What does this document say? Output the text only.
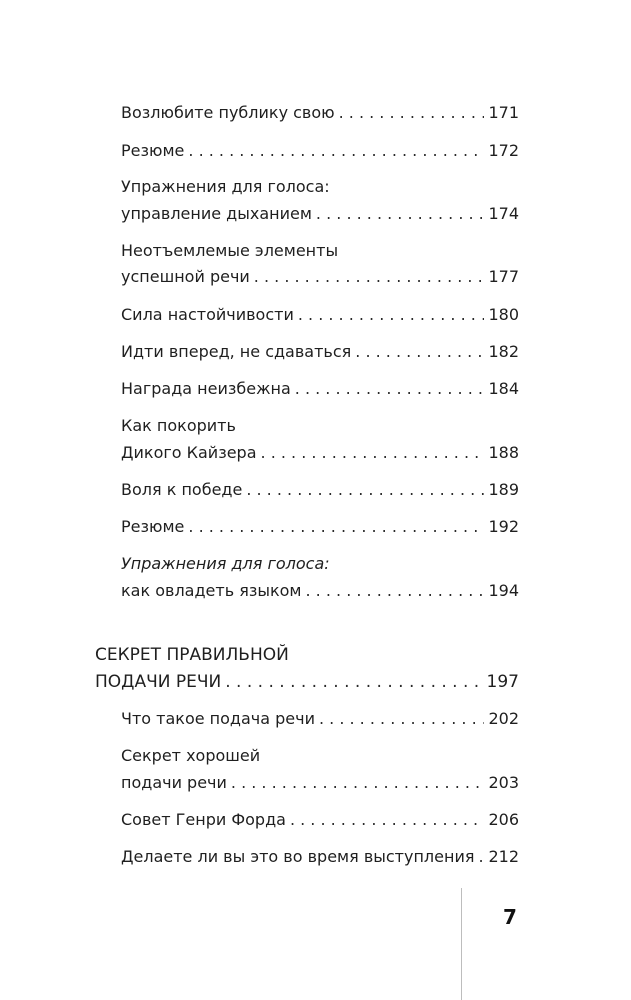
Возлюбите публику свою . . .	171
Резюме . . .	172
Упражнения для голоса:
управление дыханием . . .	174
Неотъемлемые элементы
успешной речи . . .	177
Сила настойчивости . . .	180
Идти вперед, не сдаваться . . .	182
Награда неизбежна . . .	184
Как покорить
Дикого Кайзера . . .	188
Воля к победе . . .	189
Резюме . . .	192
Упражнения для голоса:
как овладеть языком . . .	194
СЕКРЕТ ПРАВИЛЬНОЙ
ПОДАЧИ РЕЧИ . . .	197
Что такое подача речи . . .	202
Секрет хорошей
подачи речи . . .	203
Совет Генри Форда . . .	206
Делаете ли вы это во время выступления . . . 212
7
